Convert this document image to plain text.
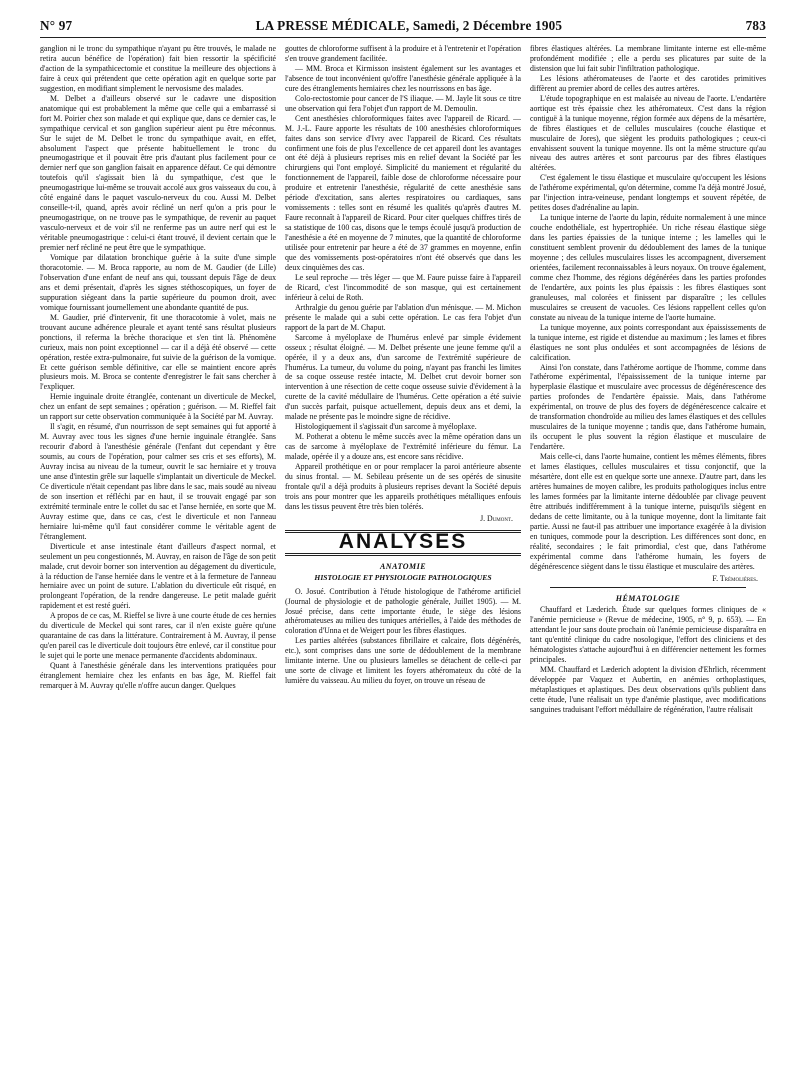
N° 97	LA PRESSE MÉDICALE, Samedi, 2 Décembre 1905	783

ganglion ni le tronc du sympathique n'ayant pu être trouvés, le malade ne retira aucun bénéfice de l'opération) fait bien ressortir la spécificité d'action de la sympathicectomie et constitue la meilleure des objections à faire à ceux qui prétendent que cette opération agit en quelque sorte par suggestion, en modifiant simplement le nervosisme des malades.

M. Delbet a d'ailleurs observé sur le cadavre une disposition anatomique qui est probablement la même que celle qui a embarrassé si fort M. Poirier chez son malade et qui explique que, dans ce dernier cas, le sympathique cervical et son ganglion supérieur aient pu être méconnus. Sur le sujet de M. Delbet le tronc du sympathique avait, en effet, absolument l'aspect que présente habituellement le tronc du pneumogastrique et il pouvait être pris d'autant plus facilement pour ce dernier nerf que son ganglion faisait en apparence défaut. Ce qui démontre toutefois qu'il s'agissait bien là du sympathique, c'est que le pneumogastrique lui-même se trouvait accolé aux gros vaisseaux du cou, à côté engainé dans le paquet vasculo-nerveux du cou. Aussi M. Delbet conseille-t-il, quand, après avoir récliné un nerf qu'on a pris pour le pneumogastrique, on ne trouve pas le sympathique, de revenir au paquet vasculo-nerveux et de voir s'il ne renferme pas un autre nerf qui est le véritable pneumogastrique : celui-ci étant trouvé, il devient certain que le premier nerf récliné ne peut être que le sympathique.

Vomique par dilatation bronchique guérie à la suite d'une simple thoracotomie. — M. Broca rapporte, au nom de M. Gaudier (de Lille) l'observation d'une enfant de neuf ans qui, toussant depuis l'âge de deux ans et demi présentait, d'après les signes stéthoscopiques, un foyer de suppuration siégeant dans la partie supérieure du poumon droit, avec vomique fournissant journellement une abondante quantité de pus.

M. Gaudier, prié d'intervenir, fit une thoracotomie à volet, mais ne trouvant aucune adhérence pleurale et ayant tenté sans résultat plusieurs ponctions, il referma la brèche thoracique et s'en tint là. Phénomène curieux, mais non point exceptionnel — car il a déjà été observé — cette opération, restée extra-pulmonaire, fut suivie de la guérison de la vomique. Et cette guérison semble définitive, car elle se maintient encore après plusieurs mois. M. Broca se contente d'enregistrer le fait sans chercher à l'expliquer.

Hernie inguinale droite étranglée, contenant un diverticule de Meckel, chez un enfant de sept semaines ; opération ; guérison. — M. Rieffel fait un rapport sur cette observation communiquée à la Société par M. Auvray.

Il s'agit, en résumé, d'un nourrisson de sept semaines qui fut apporté à M. Auvray avec tous les signes d'une hernie inguinale étranglée. Sans recourir d'abord à l'anesthésie générale (l'enfant dut cependant y être soumis, au cours de l'opération, pour calmer ses cris et ses efforts), M. Auvray incisa au niveau de la tumeur, ouvrit le sac herniaire et y trouva une anse d'intestin grêle sur laquelle s'implantait un diverticule de Meckel. Ce diverticule n'était cependant pas libre dans le sac, mais soudé au niveau de son insertion et réfléchi par en haut, il se trouvait engagé par son extrémité terminale entre le collet du sac et l'anse herniée, en sorte que M. Auvray estime que, dans ce cas, c'est le diverticule et non l'anneau herniaire lui-même qu'il faut considérer comme le véritable agent de l'étranglement.

Diverticule et anse intestinale étant d'ailleurs d'aspect normal, et seulement un peu congestionnés, M. Auvray, en raison de l'âge de son petit malade, crut devoir borner son intervention au dégagement du diverticule, à la réduction de l'anse herniée dans le ventre et à la fermeture de l'anneau herniaire avec un point de suture. L'ablation du diverticule eût risqué, en prolongeant l'opération, de la rendre dangereuse. Le petit malade guérit rapidement et est resté guéri.

A propos de ce cas, M. Rieffel se livre à une courte étude de ces hernies du diverticule de Meckel qui sont rares, car il n'en existe guère qu'une quarantaine de cas dans la littérature. Contrairement à M. Auvray, il pense qu'en pareil cas le diverticule doit toujours être enlevé, car il constitue pour le sujet qui le porte une menace permanente d'accidents abdominaux.

Quant à l'anesthésie générale dans les interventions pratiquées pour étranglement herniaire chez les enfants en bas âge, M. Rieffel fait remarquer à M. Auvray qu'elle n'offre aucun danger. Quelques

gouttes de chloroforme suffisent à la produire et à l'entretenir et l'opération s'en trouve grandement facilitée.

— MM. Broca et Kirmisson insistent également sur les avantages et l'absence de tout inconvénient qu'offre l'anesthésie générale appliquée à la cure des étranglements herniaires chez les nourrissons en bas âge.

Colo-rectostomie pour cancer de l'S iliaque. — M. Jayle lit sous ce titre une observation qui fera l'objet d'un rapport de M. Demoulin.

Cent anesthésies chloroformiques faites avec l'appareil de Ricard. — M. J.-L. Faure apporte les résultats de 100 anesthésies chloroformiques faites dans son service d'Ivry avec l'appareil de Ricard. Ces résultats confirment une fois de plus l'excellence de cet appareil dont les avantages ont été déjà à plusieurs reprises mis en relief devant la Société par les chirurgiens qui l'ont employé. Simplicité du maniement et régularité du fonctionnement de l'appareil, faible dose de chloroforme nécessaire pour produire et entretenir l'anesthésie, régularité de cette anesthésie sans période d'excitation, sans alertes respiratoires ou cardiaques, sans vomissements : telles sont en résumé les qualités qu'après d'autres M. Faure reconnaît à l'appareil de Ricard. Pour citer quelques chiffres tirés de sa statistique de 100 cas, disons que le temps écoulé jusqu'à production de l'anesthésie a été en moyenne de 7 minutes, que la quantité de chloroforme utilisée pour entretenir par heure a été de 37 grammes en moyenne, enfin que des vomissements post-opératoires n'ont été observés que dans les deux cinquièmes des cas.

Le seul reproche — très léger — que M. Faure puisse faire à l'appareil de Ricard, c'est l'incommodité de son masque, qui est certainement inférieur à celui de Roth.

Arthralgie du genou guérie par l'ablation d'un ménisque. — M. Michon présente le malade qui a subi cette opération. Le cas fera l'objet d'un rapport de la part de M. Chaput.

Sarcome à myéloplaxe de l'humérus enlevé par simple évidement osseux ; résultat éloigné. — M. Delbet présente une jeune femme qu'il a opérée, il y a deux ans, d'un sarcome de l'extrémité supérieure de l'humérus. La tumeur, du volume du poing, n'ayant pas franchi les limites de sa coque osseuse restée intacte, M. Delbet crut devoir borner son intervention à une résection de cette coque osseuse suivie d'évidement à la curette de la cavité médullaire de l'humérus. Cette opération a été suivie d'un succès parfait, puisque actuellement, depuis deux ans et demi, la malade ne présente pas le moindre signe de récidive.

Histologiquement il s'agissait d'un sarcome à myéloplaxe.

M. Potherat a obtenu le même succès avec la même opération dans un cas de sarcome à myéloplaxe de l'extrémité inférieure du fémur. La malade, opérée il y a douze ans, est encore sans récidive.

Appareil prothétique en or pour remplacer la paroi antérieure absente du sinus frontal. — M. Sebileau présente un de ses opérés de sinusite frontale qu'il a déjà produits à plusieurs reprises devant la Société depuis trois ans pour montrer que les appareils prothétiques métalliques enfouis dans les tissus peuvent être très bien tolérés.

J. Dumont.
ANALYSES
ANATOMIE
HISTOLOGIE ET PHYSIOLOGIE PATHOLOGIQUES

O. Josué. Contribution à l'étude histologique de l'athérome artificiel (Journal de physiologie et de pathologie générale, Juillet 1905). — M. Josué précise, dans cette importante étude, le siège des lésions athéromateuses au milieu des tuniques artérielles, à l'aide des méthodes de coloration d'Unna et de Weigert pour les fibres élastiques.

Les parties altérées (substances fibrillaire et calcaire, flots dégénérés, etc.), sont comprises dans une sorte de dédoublement de la membrane limitante interne. Une ou plusieurs lamelles se détachent de celle-ci par une sorte de clivage et limitent les foyers athéromateux du côté de la lumière du vaisseau. Au milieu du foyer, on trouve un réseau de

fibres élastiques altérées. La membrane limitante interne est elle-même profondément modifiée ; elle a perdu ses plicatures par suite de la distension que lui fait subir l'infiltration pathologique.

Les lésions athéromateuses de l'aorte et des carotides primitives diffèrent au premier abord de celles des autres artères.

L'étude topographique en est malaisée au niveau de l'aorte. L'endartère aortique est très épaissie chez les athéromateux. C'est dans la région contiguë à la tunique moyenne, région formée aux dépens de la mésartère, de fibres élastiques et de cellules musculaires (couche élastique et musculaire de Jores), que siègent les produits pathologiques ; ceux-ci envahissent souvent la tunique moyenne. Ils ont la même structure qu'au niveau des autres artères et sont parcourus par des fibres élastiques altérées.

C'est également le tissu élastique et musculaire qu'occupent les lésions de l'athérome expérimental, qu'on détermine, comme l'a déjà montré Josué, par l'injection intra-veineuse, pendant longtemps et souvent répétée, de petites doses d'adrénaline au lapin.

La tunique interne de l'aorte du lapin, réduite normalement à une mince couche endothéliale, est hypertrophiée. Un riche réseau élastique siège dans les parties épaissies de la tunique interne ; les lamelles qui le constituent semblent provenir du dédoublement des lames de la tunique moyenne ; des cellules musculaires lisses les accompagnent, diversement orientées, facilement reconnaissables à leurs noyaux. On trouve également, comme chez l'homme, des régions dégénérées dans les parties profondes de l'endartère, aux points les plus épaissis : les fibres élastiques sont granuleuses, mal colorées et finissent par disparaître ; les cellules musculaires se creusent de vacuoles. Ces lésions rappellent celles qu'on constate au niveau de la tunique interne de l'aorte humaine.

La tunique moyenne, aux points correspondant aux épaississements de la tunique interne, est rigide et distendue au maximum ; les lames et fibres élastiques ne sont plus ondulées et sont accompagnées de lésions de calcification.

Ainsi l'on constate, dans l'athérome aortique de l'homme, comme dans l'athérome expérimental, l'épaississement de la tunique interne par hyperplasie élastique et musculaire avec processus de dégénérescence des parties profondes de l'endartère épaissie. Mais, dans l'athérome expérimental, on trouve de plus des foyers de dégénérescence calcaire et de transformation chondroïde au milieu des lames élastiques et des cellules musculaires de la tunique moyenne ; tandis que, dans l'athérome humain, ils occupent le plus souvent la région élastique et musculaire de l'endartère.

Mais celle-ci, dans l'aorte humaine, contient les mêmes éléments, fibres et lames élastiques, cellules musculaires et tissu conjonctif, que la mésartère, dont elle est en quelque sorte une annexe. D'autre part, dans les artères humaines de moyen calibre, les produits pathologiques inclus entre les lames formées par la limitante interne dédoublée par clivage peuvent être attribués indifféremment à la tunique interne, puisqu'ils siègent en dedans de cette limitante, ou à la tunique moyenne, dont la limitante fait partie. Aussi ne faut-il pas attribuer une importance exagérée à la division en tuniques, commode pour la description. Les différences sont donc, en réalité, secondaires ; le fait primordial, c'est que, dans l'athérome expérimental comme dans l'athérome humain, les foyers de dégénérescence siègent dans le tissu élastique et musculaire des artères.

F. Trémolières.
HÉMATOLOGIE

Chauffard et Læderich. Étude sur quelques formes cliniques de « l'anémie pernicieuse » (Revue de médecine, 1905, n° 9, p. 653). — En attendant le jour sans doute prochain où l'anémie pernicieuse disparaîtra en tant qu'entité clinique du cadre nosologique, l'effort des cliniciens et des hématologistes s'attache aujourd'hui à en différencier nettement les formes principales.

MM. Chauffard et Læderich adoptent la division d'Ehrlich, récemment développée par Vaquez et Aubertin, en anémies orthoplastiques, métaplastiques et aplastiques. Des deux observations qu'ils publient dans cette étude, l'une réalisait un type d'anémie plastique, avec modifications sanguines traduisant l'effort médullaire de régénération, l'autre réalisait
